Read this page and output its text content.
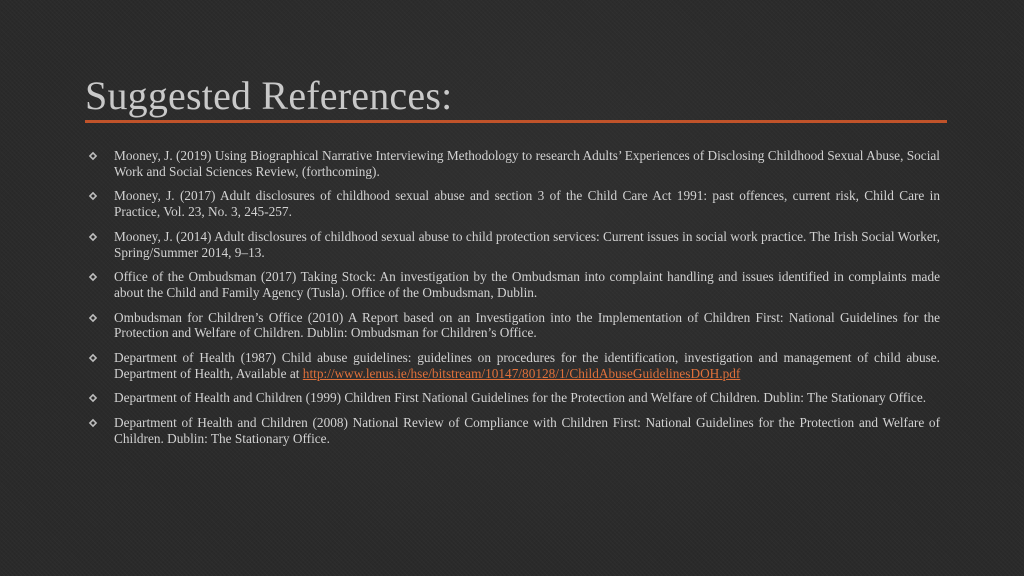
Suggested References:
Mooney, J. (2019) Using Biographical Narrative Interviewing Methodology to research Adults’ Experiences of Disclosing Childhood Sexual Abuse, Social Work and Social Sciences Review, (forthcoming).
Mooney, J. (2017) Adult disclosures of childhood sexual abuse and section 3 of the Child Care Act 1991: past offences, current risk, Child Care in Practice, Vol. 23, No. 3, 245-257.
Mooney, J. (2014) Adult disclosures of childhood sexual abuse to child protection services: Current issues in social work practice. The Irish Social Worker, Spring/Summer 2014, 9–13.
Office of the Ombudsman (2017) Taking Stock: An investigation by the Ombudsman into complaint handling and issues identified in complaints made about the Child and Family Agency (Tusla). Office of the Ombudsman, Dublin.
Ombudsman for Children’s Office (2010) A Report based on an Investigation into the Implementation of Children First: National Guidelines for the Protection and Welfare of Children. Dublin: Ombudsman for Children’s Office.
Department of Health (1987) Child abuse guidelines: guidelines on procedures for the identification, investigation and management of child abuse. Department of Health, Available at http://www.lenus.ie/hse/bitstream/10147/80128/1/ChildAbuseGuidelinesDOH.pdf
Department of Health and Children (1999) Children First National Guidelines for the Protection and Welfare of Children. Dublin: The Stationary Office.
Department of Health and Children (2008) National Review of Compliance with Children First: National Guidelines for the Protection and Welfare of Children. Dublin: The Stationary Office.
